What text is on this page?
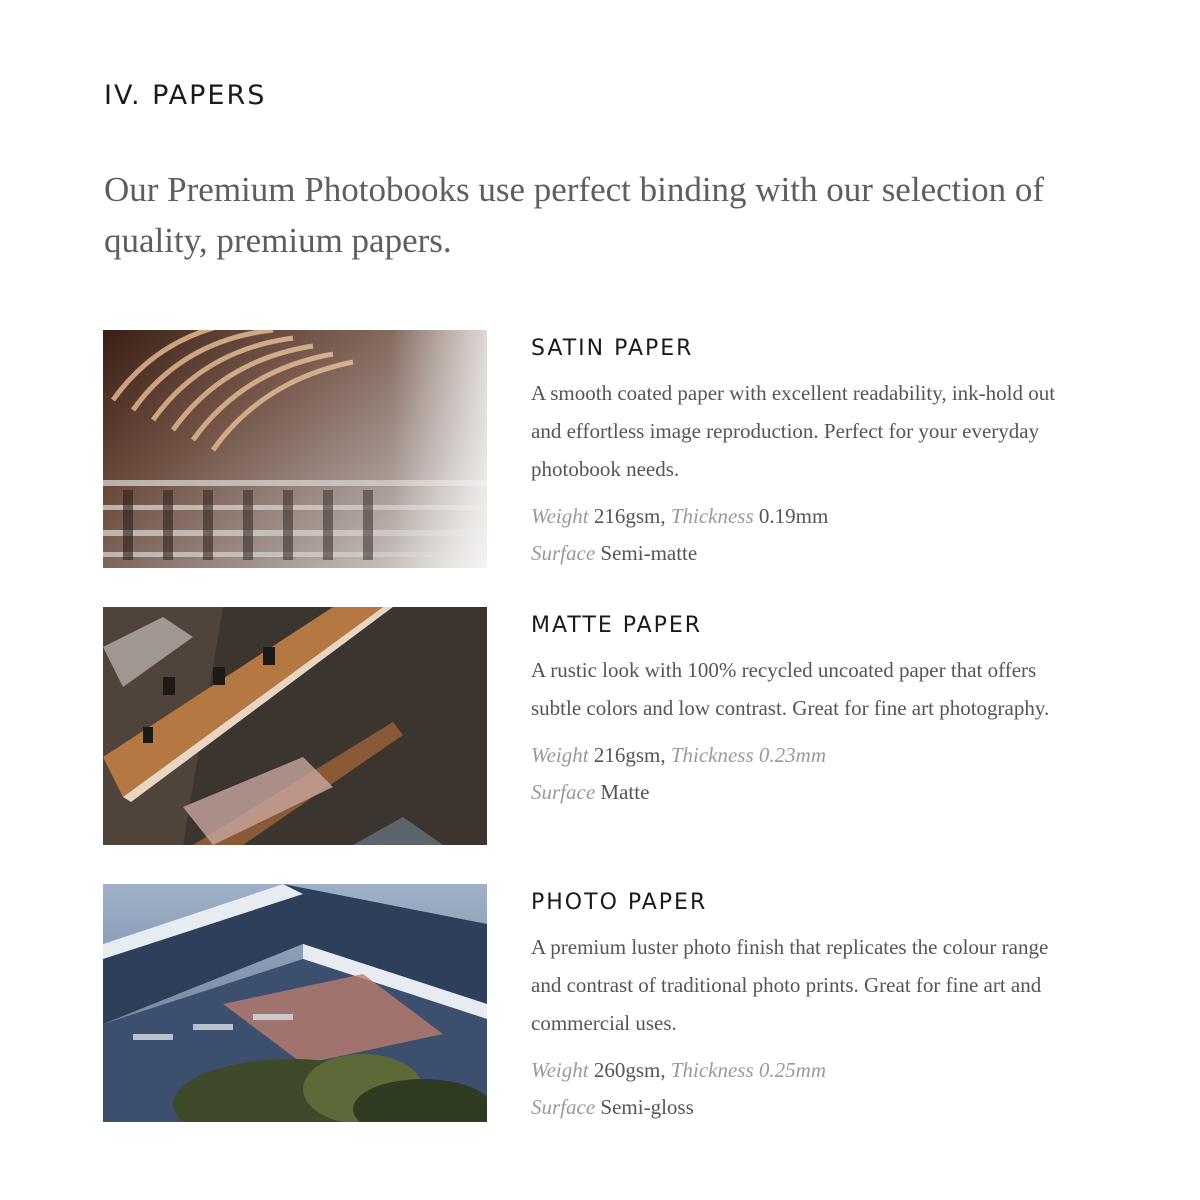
IV. PAPERS

Our Premium Photobooks use perfect binding with our selection of quality, premium papers.

SATIN PAPER

A smooth coated paper with excellent readability, ink-hold out and effortless image reproduction. Perfect for your everyday photobook needs.

Weight 216gsm, Thickness 0.19mm

Surface Semi-matte

MATTE PAPER

A rustic look with 100% recycled uncoated paper that offers subtle colors and low contrast. Great for fine art photography.

Weight 216gsm, Thickness 0.23mm

Surface Matte

PHOTO PAPER

A premium luster photo finish that replicates the colour range and contrast of traditional photo prints. Great for fine art and commercial uses.

Weight 260gsm, Thickness 0.25mm

Surface Semi-gloss
